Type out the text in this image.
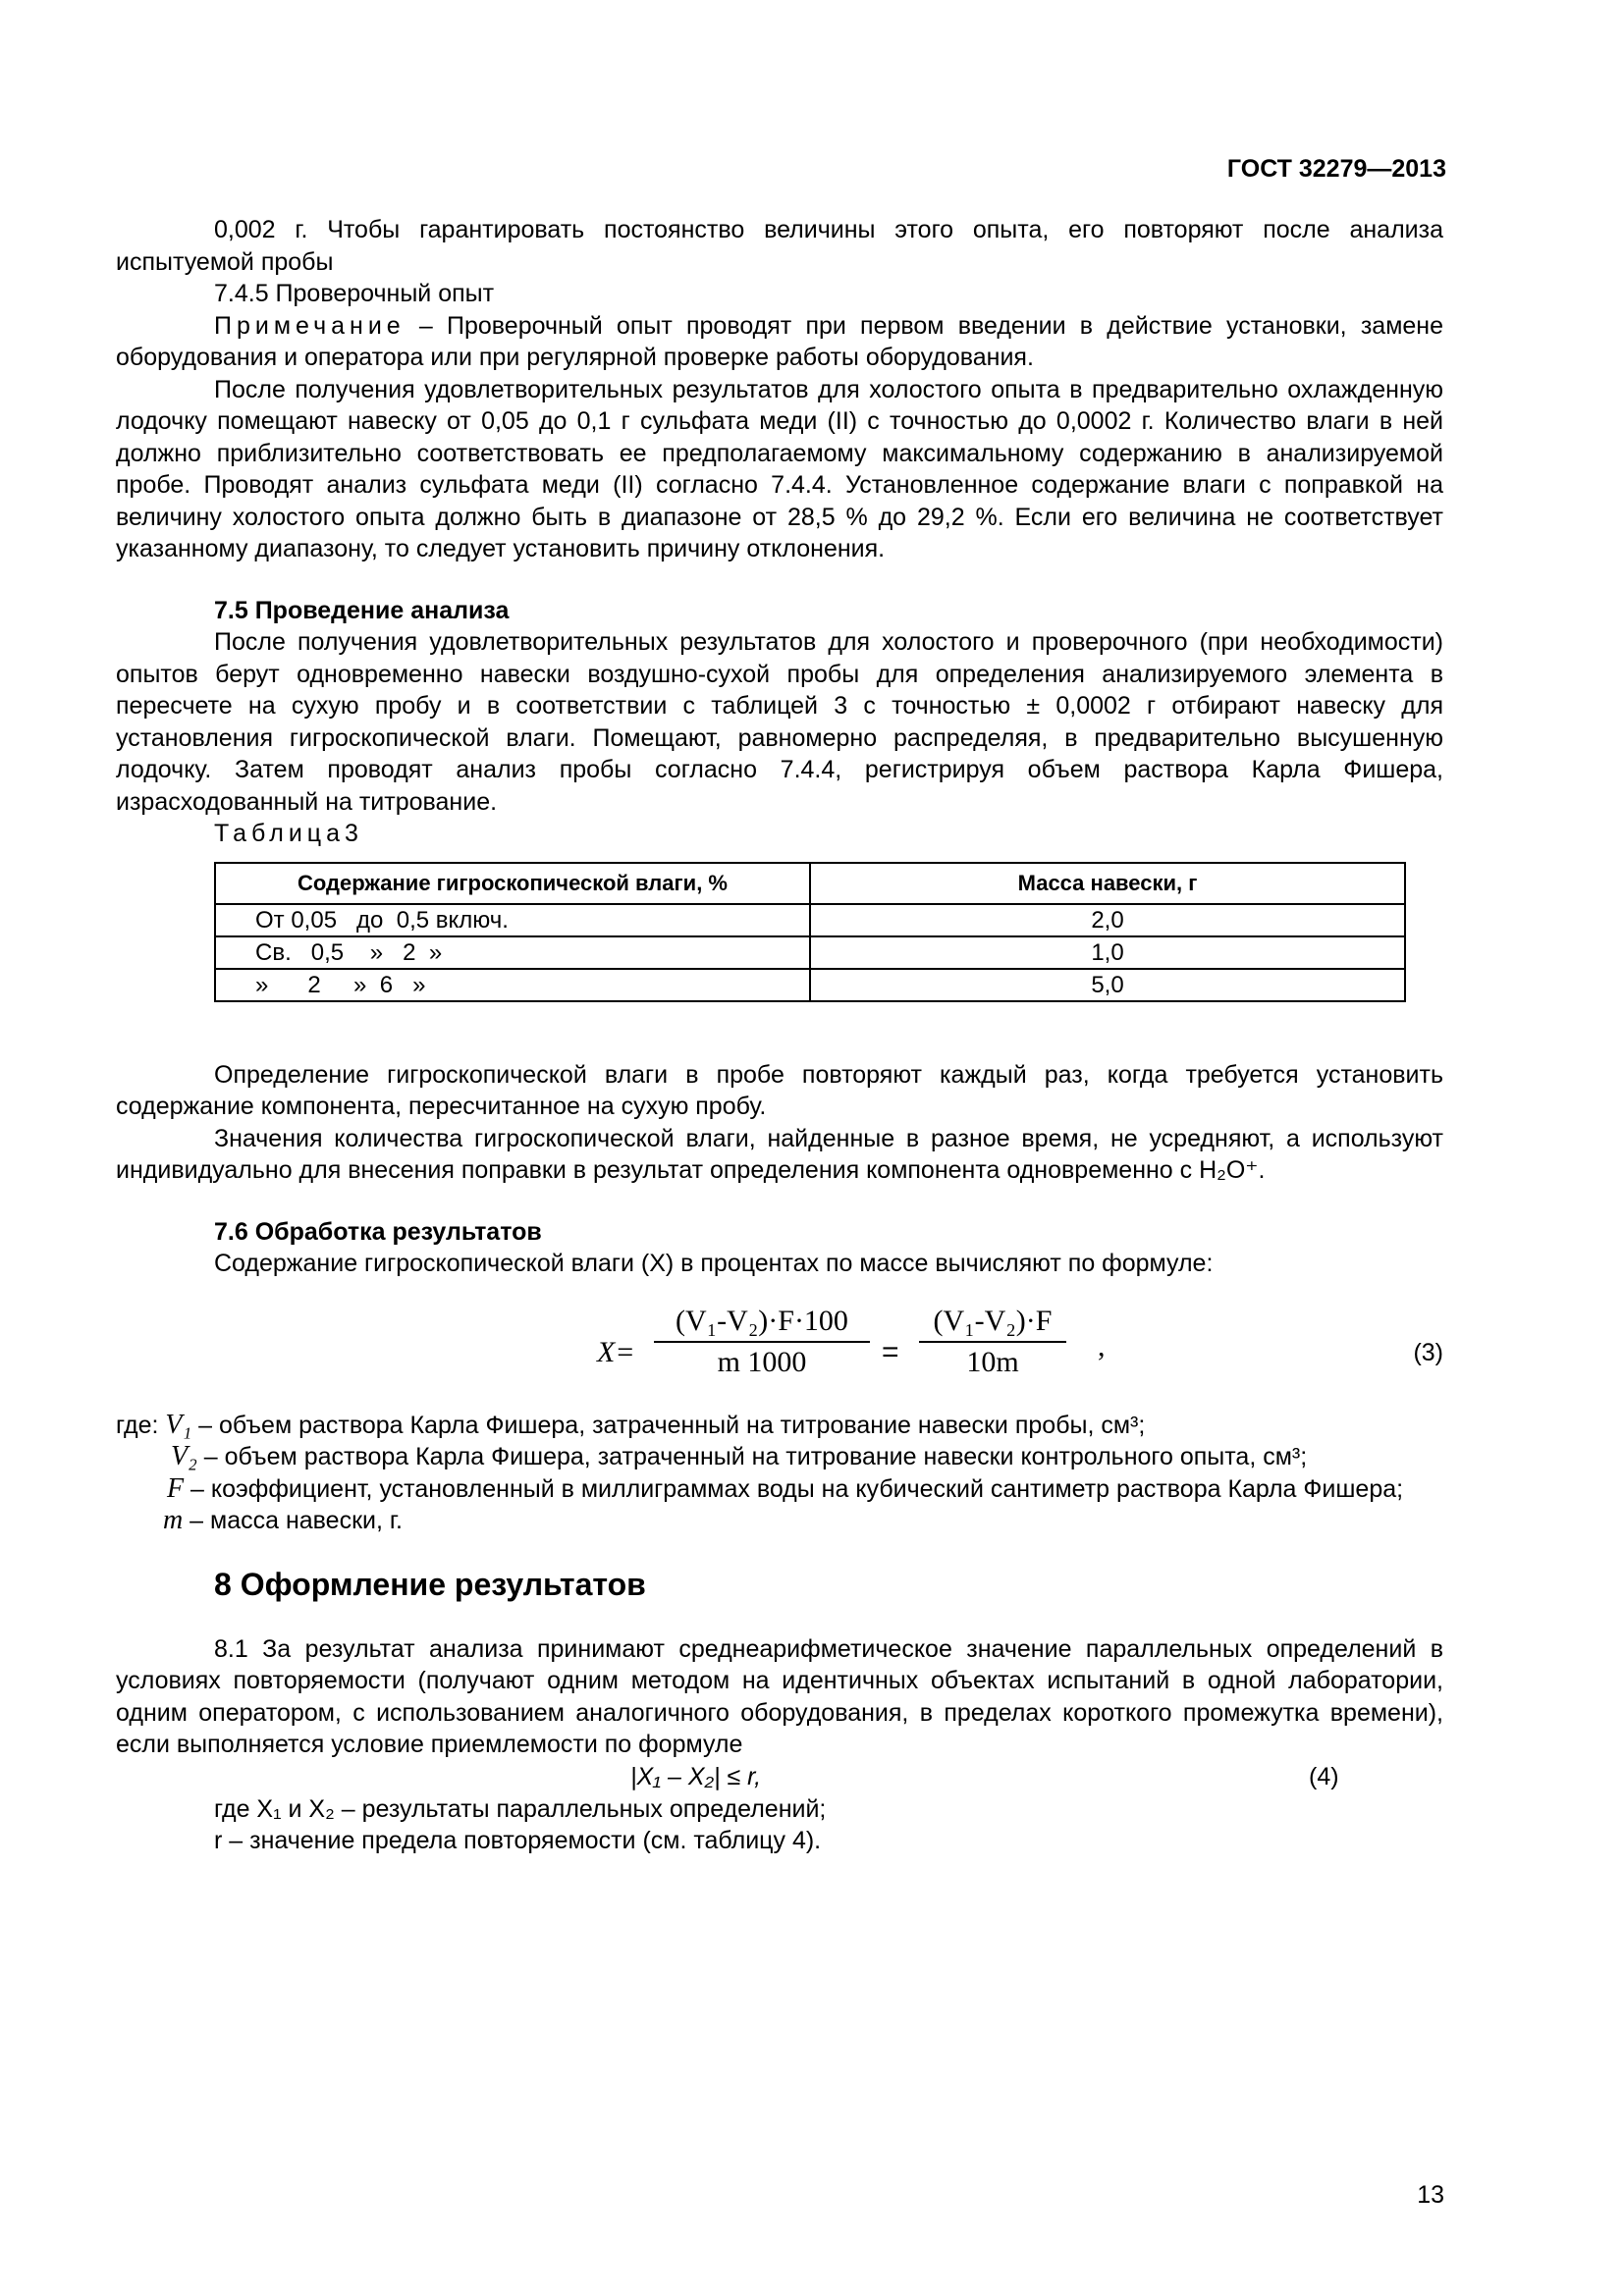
ГОСТ 32279—2013

0,002 г. Чтобы гарантировать постоянство величины этого опыта, его повторяют после анализа испытуемой пробы

7.4.5 Проверочный опыт

Примечание – Проверочный опыт проводят при первом введении в действие установки, замене оборудования и оператора или при регулярной проверке работы оборудования.

После получения удовлетворительных результатов для холостого опыта в предварительно охлажденную лодочку помещают навеску от 0,05 до 0,1 г сульфата меди (II) с точностью до 0,0002 г. Количество влаги в ней должно приблизительно соответствовать ее предполагаемому максимальному содержанию в анализируемой пробе. Проводят анализ сульфата меди (II) согласно 7.4.4. Установленное содержание влаги с поправкой на величину холостого опыта должно быть в диапазоне от 28,5 % до 29,2 %. Если его величина не соответствует указанному диапазону, то следует установить причину отклонения.

7.5 Проведение анализа

После получения удовлетворительных результатов для холостого и проверочного (при необходимости) опытов берут одновременно навески воздушно-сухой пробы для определения анализируемого элемента в пересчете на сухую пробу и в соответствии с таблицей 3 с точностью ± 0,0002 г отбирают навеску для установления гигроскопической влаги. Помещают, равномерно распределяя, в предварительно высушенную лодочку. Затем проводят анализ пробы согласно 7.4.4, регистрируя объем раствора Карла Фишера, израсходованный на титрование.

Таблица3

Содержание гигроскопической влаги, %	Масса навески, г
От 0,05   до  0,5 включ.	2,0
Св.   0,5    »   2  »	1,0
»      2     »  6   »	5,0

Определение гигроскопической влаги в пробе повторяют каждый раз, когда требуется установить содержание компонента, пересчитанное на сухую пробу.

Значения количества гигроскопической влаги, найденные в разное время, не усредняют, а используют индивидуально для внесения поправки в результат определения компонента одновременно с H₂O⁺.

7.6 Обработка результатов

Содержание гигроскопической влаги (X) в процентах по массе вычисляют по формуле:

$X= \frac{\text{(V₁-V₂)·F·100}}{m 1000} = \frac{\text{(V₁-V₂)·F}}{10m}$ ,	(3)

где: V₁ – объем раствора Карла Фишера, затраченный на титрование навески пробы, см³;

V₂ – объем раствора Карла Фишера, затраченный на титрование навески контрольного опыта, см³;

F – коэффициент, установленный в миллиграммах воды на кубический сантиметр раствора Карла Фишера;

m – масса навески, г.

8 Оформление результатов

8.1 За результат анализа принимают среднеарифметическое значение параллельных определений в условиях повторяемости (получают одним методом на идентичных объектах испытаний в одной лаборатории, одним оператором, с использованием аналогичного оборудования, в пределах короткого промежутка времени), если выполняется условие приемлемости по формуле

|X₁ – X₂| ≤ r,	(4)

где X₁ и X₂ – результаты параллельных определений;

r – значение предела повторяемости (см. таблицу 4).

13
